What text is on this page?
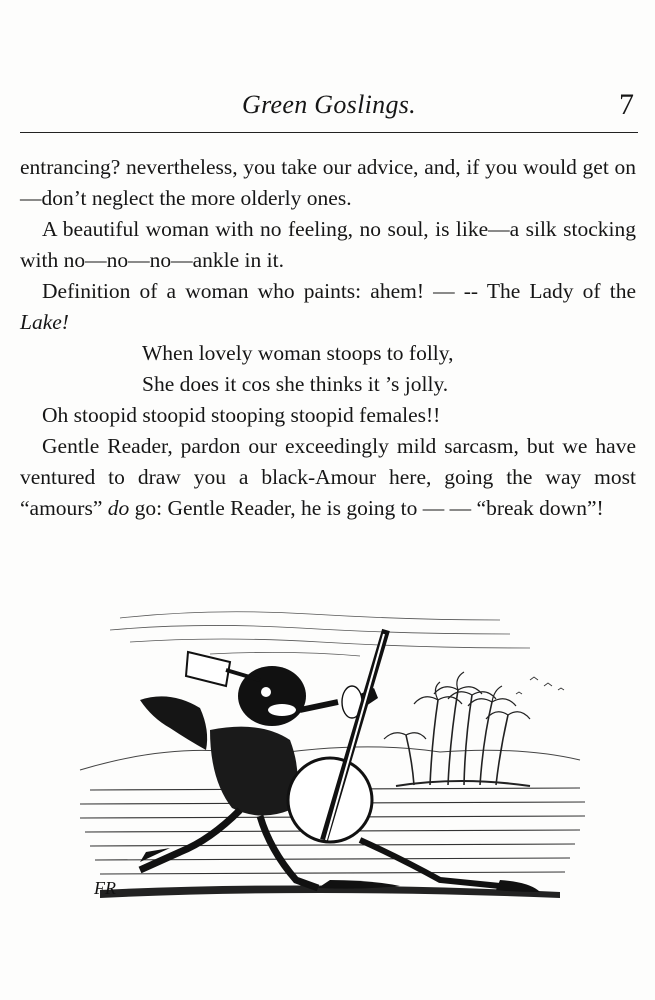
Green Goslings.	7

entrancing? nevertheless, you take our advice, and, if you would get on—don’t neglect the more olderly ones.

A beautiful woman with no feeling, no soul, is like—a silk stocking with no—no—no—ankle in it.

Definition of a woman who paints: ahem! — -- The Lady of the Lake!

When lovely woman stoops to folly,
She does it cos she thinks it ’s jolly.

Oh stoopid stoopid stooping stoopid females!!

Gentle Reader, pardon our exceedingly mild sarcasm, but we have ventured to draw you a black-Amour here, going the way most “amours” do go: Gentle Reader, he is going to — — “break down”!

FR
